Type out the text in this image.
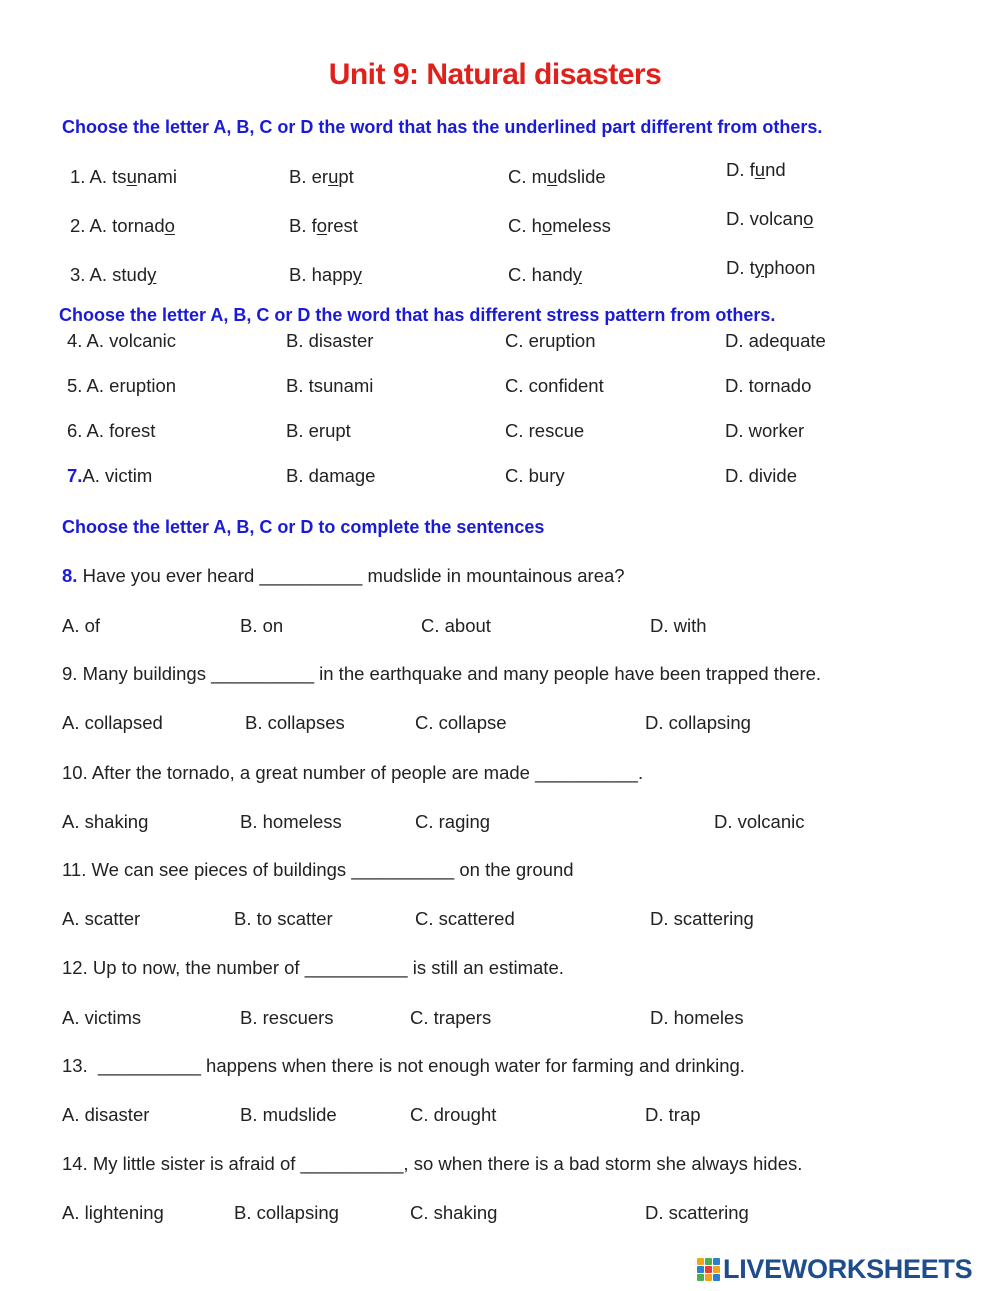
Unit 9: Natural disasters
Choose the letter A, B, C or D the word that has the underlined part different from others.
1. A. tsunami	B. erupt	C. mudslide	D. fund
2. A. tornado	B. forest	C. homeless	D. volcano
3. A. study	B. happy	C. handy	D. typhoon
Choose the letter A, B, C or D the word that has different stress pattern from others.
4. A. volcanic	B. disaster	C. eruption	D. adequate
5. A. eruption	B. tsunami	C. confident	D. tornado
6. A. forest	B. erupt	C. rescue	D. worker
7.A. victim	B. damage	C. bury	D. divide
Choose the letter A, B, C or D to complete the sentences
8. Have you ever heard __________ mudslide in mountainous area?
A. of	B. on	C. about	D. with
9. Many buildings __________ in the earthquake and many people have been trapped there.
A. collapsed	B. collapses	C. collapse	D. collapsing
10. After the tornado, a great number of people are made __________.
A. shaking	B. homeless	C. raging	D. volcanic
11. We can see pieces of buildings __________ on the ground
A. scatter	B. to scatter	C. scattered	D. scattering
12. Up to now, the number of __________ is still an estimate.
A. victims	B. rescuers	C. trapers	D. homeles
13.  __________ happens when there is not enough water for farming and drinking.
A. disaster	B. mudslide	C. drought	D. trap
14. My little sister is afraid of __________, so when there is a bad storm she always hides.
A. lightening	B. collapsing	C. shaking	D. scattering
LIVEWORKSHEETS
